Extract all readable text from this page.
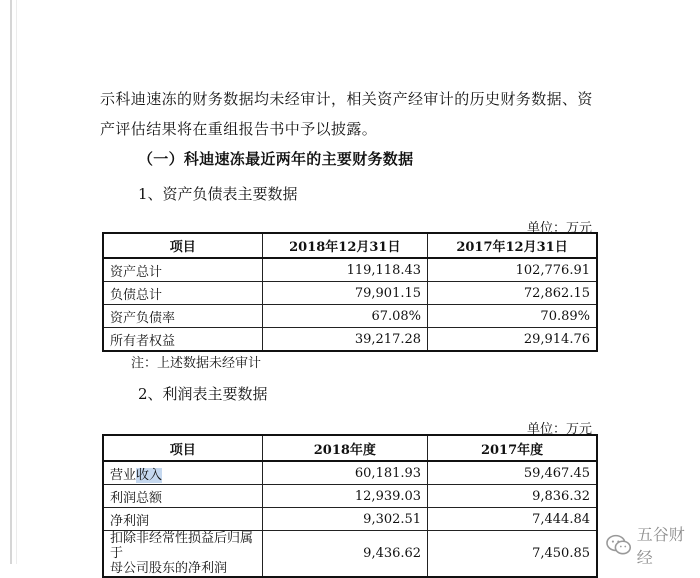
示科迪速冻的财务数据均未经审计，相关资产经审计的历史财务数据、资产评估结果将在重组报告书中予以披露。
（一）科迪速冻最近两年的主要财务数据
1、资产负债表主要数据
单位：万元
项目	2018年12月31日	2017年12月31日
资产总计	119,118.43	102,776.91
负债总计	79,901.15	72,862.15
资产负债率	67.08%	70.89%
所有者权益	39,217.28	29,914.76
注：上述数据未经审计
2、利润表主要数据
单位：万元
项目	2018年度	2017年度
营业收入	60,181.93	59,467.45
利润总额	12,939.03	9,836.32
净利润	9,302.51	7,444.84
扣除非经常性损益后归属于
母公司股东的净利润	9,436.62	7,450.85
五谷财经
